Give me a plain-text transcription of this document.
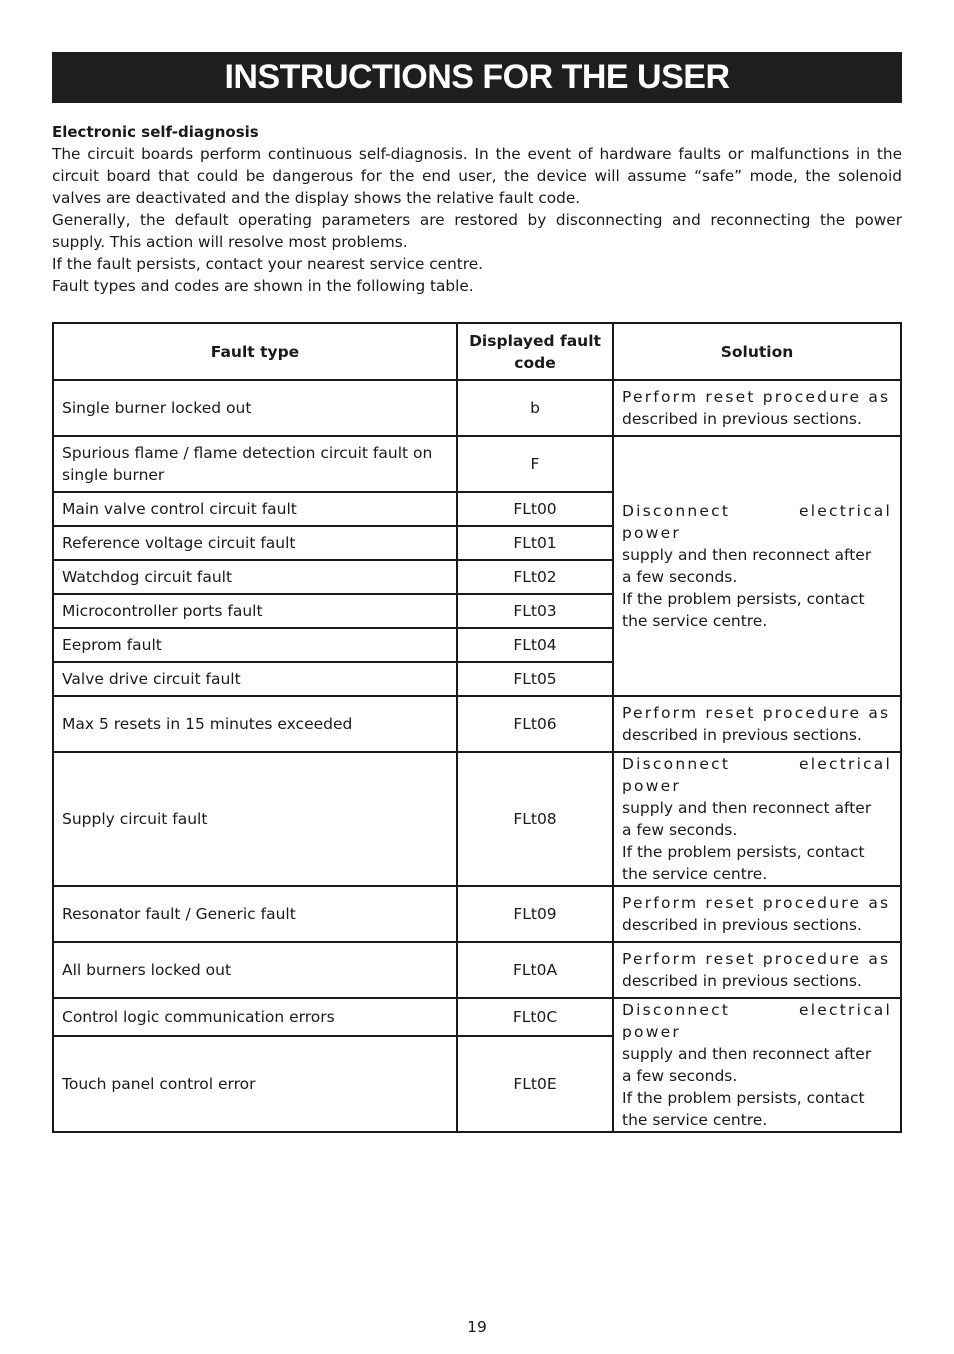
INSTRUCTIONS FOR THE USER
Electronic self-diagnosis

The circuit boards perform continuous self-diagnosis. In the event of hardware faults or malfunctions in the circuit board that could be dangerous for the end user, the device will assume “safe” mode, the solenoid valves are deactivated and the display shows the relative fault code.

Generally, the default operating parameters are restored by disconnecting and reconnecting the power supply. This action will resolve most problems.

If the fault persists, contact your nearest service centre.

Fault types and codes are shown in the following table.

Fault type	Displayed fault code	Solution
Single burner locked out	b	Perform reset procedure as
described in previous sections.

Spurious flame / flame detection circuit fault on single burner	F	Disconnect electrical power
supply and then reconnect after
a few seconds.
If the problem persists, contact
the service centre.

Main valve control circuit fault	FLt00	
Reference voltage circuit fault	FLt01	
Watchdog circuit fault	FLt02	
Microcontroller ports fault	FLt03	
Eeprom fault	FLt04	
Valve drive circuit fault	FLt05	
Max 5 resets in 15 minutes exceeded	FLt06	Perform reset procedure as
described in previous sections.

Supply circuit fault	FLt08	Disconnect electrical power
supply and then reconnect after
a few seconds.
If the problem persists, contact
the service centre.

Resonator fault / Generic fault	FLt09	Perform reset procedure as
described in previous sections.

All burners locked out	FLt0A	Perform reset procedure as
described in previous sections.

Control logic communication errors	FLt0C	Disconnect electrical power
supply and then reconnect after
a few seconds.
If the problem persists, contact
the service centre.

Touch panel control error	FLt0E	
19
